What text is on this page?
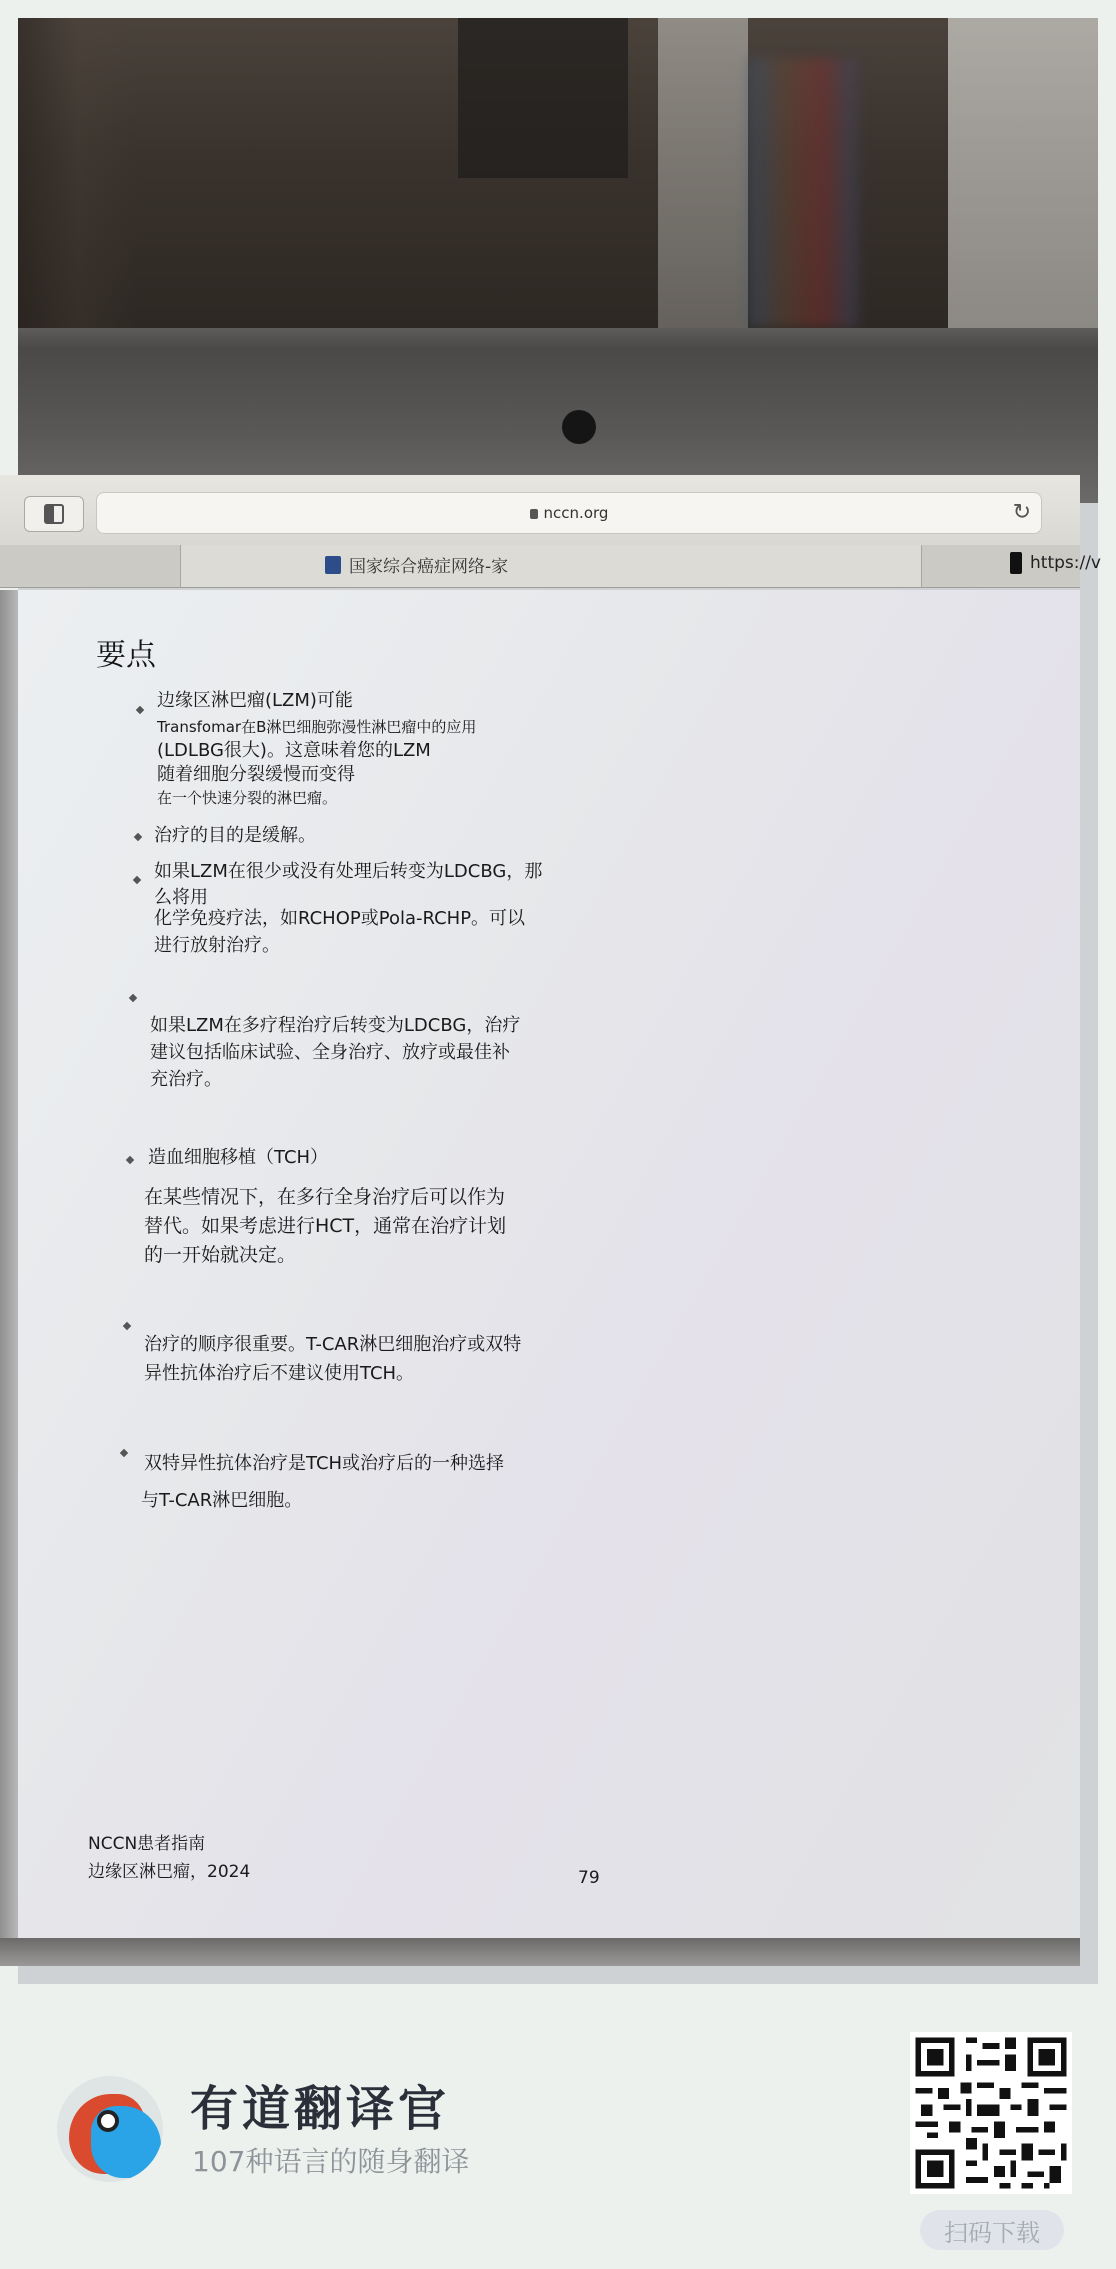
nccn.org	↻
国家综合癌症网络-家	https://v
要点
边缘区淋巴瘤(LZM)可能
Transfomar在B淋巴细胞弥漫性淋巴瘤中的应用
(LDLBG很大)。这意味着您的LZM
随着细胞分裂缓慢而变得
在一个快速分裂的淋巴瘤。
治疗的目的是缓解。
如果LZM在很少或没有处理后转变为LDCBG，那
么将用
化学免疫疗法，如RCHOP或Pola-RCHP。可以
进行放射治疗。
如果LZM在多疗程治疗后转变为LDCBG，治疗
建议包括临床试验、全身治疗、放疗或最佳补
充治疗。
造血细胞移植（TCH）
在某些情况下，在多行全身治疗后可以作为
替代。如果考虑进行HCT，通常在治疗计划
的一开始就决定。
治疗的顺序很重要。T-CAR淋巴细胞治疗或双特
异性抗体治疗后不建议使用TCH。
双特异性抗体治疗是TCH或治疗后的一种选择
与T-CAR淋巴细胞。
NCCN患者指南
边缘区淋巴瘤，2024	79
有道翻译官
107种语言的随身翻译
扫码下载
